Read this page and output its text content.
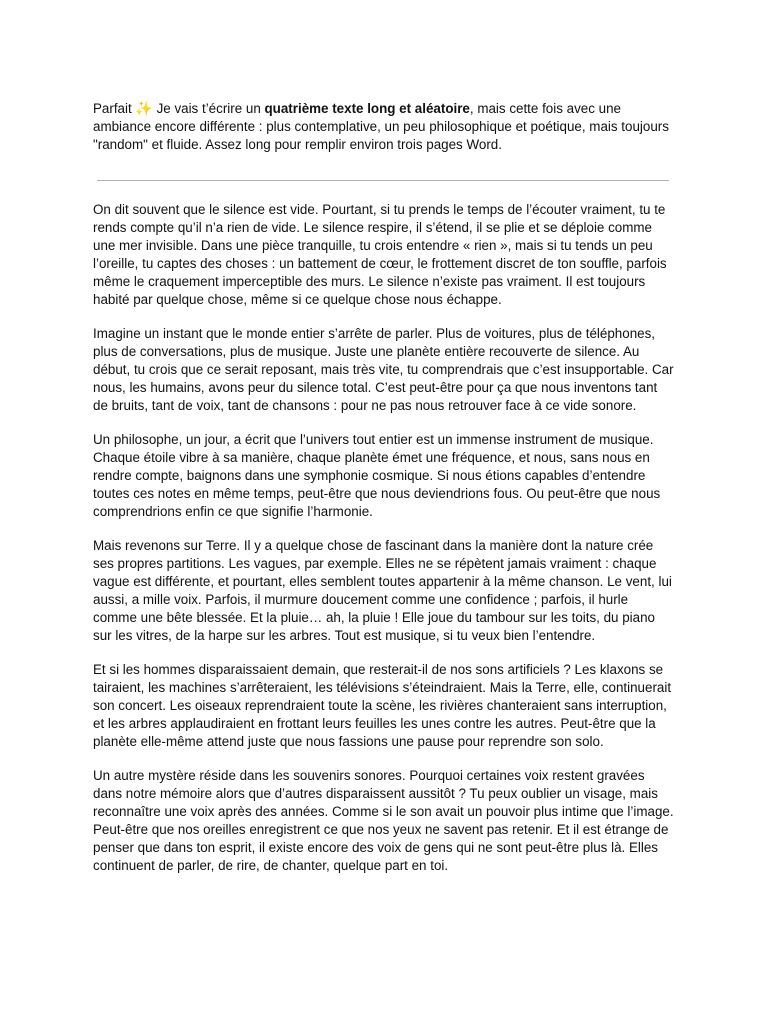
Parfait ✨ Je vais t’écrire un quatrième texte long et aléatoire, mais cette fois avec une ambiance encore différente : plus contemplative, un peu philosophique et poétique, mais toujours "random" et fluide. Assez long pour remplir environ trois pages Word.

On dit souvent que le silence est vide. Pourtant, si tu prends le temps de l’écouter vraiment, tu te rends compte qu’il n’a rien de vide. Le silence respire, il s’étend, il se plie et se déploie comme une mer invisible. Dans une pièce tranquille, tu crois entendre « rien », mais si tu tends un peu l’oreille, tu captes des choses : un battement de cœur, le frottement discret de ton souffle, parfois même le craquement imperceptible des murs. Le silence n’existe pas vraiment. Il est toujours habité par quelque chose, même si ce quelque chose nous échappe.

Imagine un instant que le monde entier s’arrête de parler. Plus de voitures, plus de téléphones, plus de conversations, plus de musique. Juste une planète entière recouverte de silence. Au début, tu crois que ce serait reposant, mais très vite, tu comprendrais que c’est insupportable. Car nous, les humains, avons peur du silence total. C’est peut-être pour ça que nous inventons tant de bruits, tant de voix, tant de chansons : pour ne pas nous retrouver face à ce vide sonore.

Un philosophe, un jour, a écrit que l’univers tout entier est un immense instrument de musique. Chaque étoile vibre à sa manière, chaque planète émet une fréquence, et nous, sans nous en rendre compte, baignons dans une symphonie cosmique. Si nous étions capables d’entendre toutes ces notes en même temps, peut-être que nous deviendrions fous. Ou peut-être que nous comprendrions enfin ce que signifie l’harmonie.

Mais revenons sur Terre. Il y a quelque chose de fascinant dans la manière dont la nature crée ses propres partitions. Les vagues, par exemple. Elles ne se répètent jamais vraiment : chaque vague est différente, et pourtant, elles semblent toutes appartenir à la même chanson. Le vent, lui aussi, a mille voix. Parfois, il murmure doucement comme une confidence ; parfois, il hurle comme une bête blessée. Et la pluie… ah, la pluie ! Elle joue du tambour sur les toits, du piano sur les vitres, de la harpe sur les arbres. Tout est musique, si tu veux bien l’entendre.

Et si les hommes disparaissaient demain, que resterait-il de nos sons artificiels ? Les klaxons se tairaient, les machines s’arrêteraient, les télévisions s’éteindraient. Mais la Terre, elle, continuerait son concert. Les oiseaux reprendraient toute la scène, les rivières chanteraient sans interruption, et les arbres applaudiraient en frottant leurs feuilles les unes contre les autres. Peut-être que la planète elle-même attend juste que nous fassions une pause pour reprendre son solo.

Un autre mystère réside dans les souvenirs sonores. Pourquoi certaines voix restent gravées dans notre mémoire alors que d’autres disparaissent aussitôt ? Tu peux oublier un visage, mais reconnaître une voix après des années. Comme si le son avait un pouvoir plus intime que l’image. Peut-être que nos oreilles enregistrent ce que nos yeux ne savent pas retenir. Et il est étrange de penser que dans ton esprit, il existe encore des voix de gens qui ne sont peut-être plus là. Elles continuent de parler, de rire, de chanter, quelque part en toi.
